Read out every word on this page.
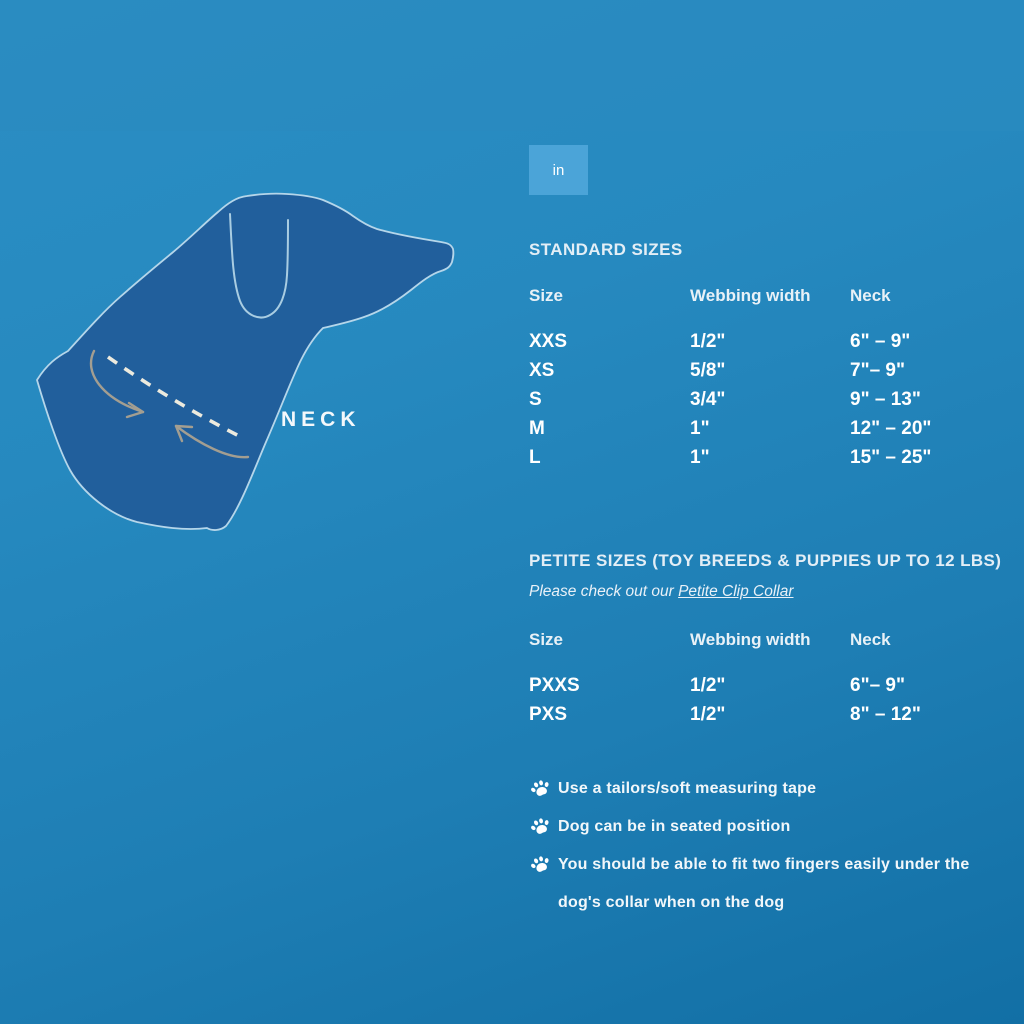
NECK
in
STANDARD SIZES
Size	Webbing width	Neck
XXS	1/2"	6" – 9"
XS	5/8"	7"– 9"
S	3/4"	9" – 13"
M	1"	12" – 20"
L	1"	15" – 25"
PETITE SIZES (TOY BREEDS & PUPPIES UP TO 12 LBS)
Please check out our Petite Clip Collar
Size	Webbing width	Neck
PXXS	1/2"	6"– 9"
PXS	1/2"	8" – 12"
Use a tailors/soft measuring tape
Dog can be in seated position
You should be able to fit two fingers easily under the dog's collar when on the dog
